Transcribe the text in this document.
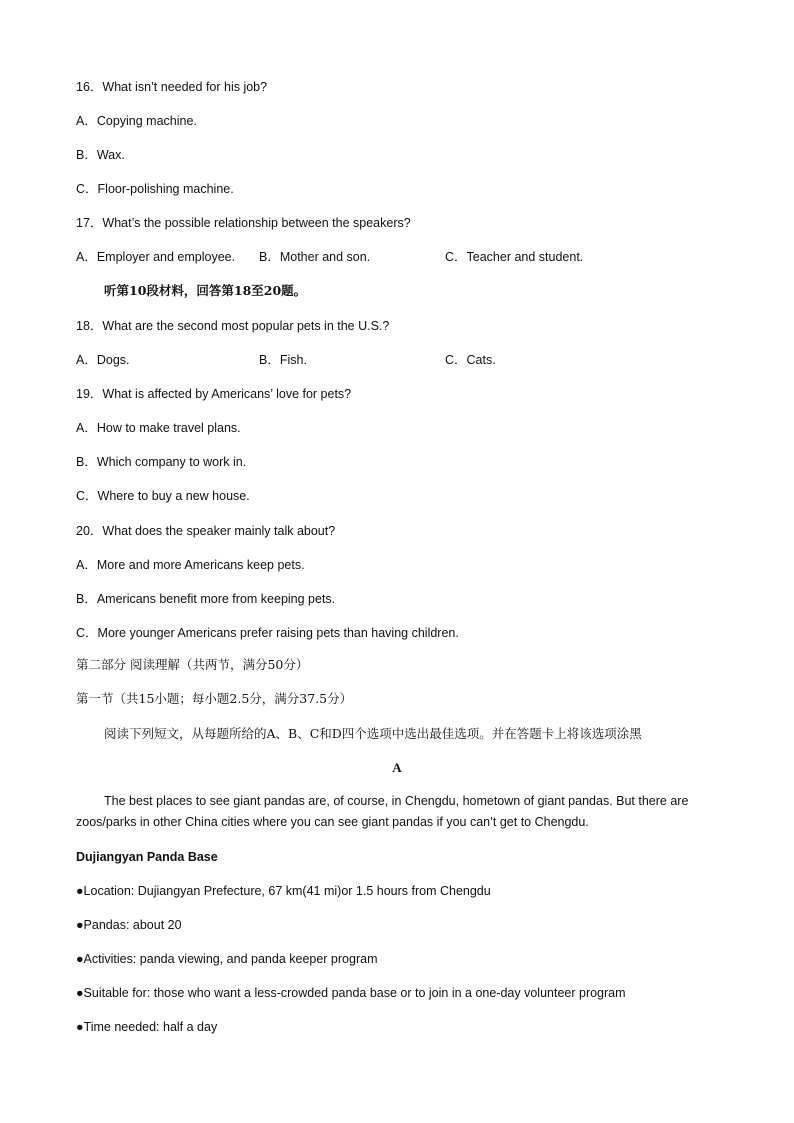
16．What isn’t needed for his job?
A．Copying machine.
B．Wax.
C．Floor-polishing machine.
17．What’s the possible relationship between the speakers?
A．Employer and employee. B．Mother and son.	C．Teacher and student.
听第10段材料，回答第18至20题。
18．What are the second most popular pets in the U.S.?
A．Dogs.	B．Fish.	C．Cats.
19．What is affected by Americans’ love for pets?
A．How to make travel plans.
B．Which company to work in.
C．Where to buy a new house.
20．What does the speaker mainly talk about?
A．More and more Americans keep pets.
B．Americans benefit more from keeping pets.
C．More younger Americans prefer raising pets than having children.
第二部分 阅读理解（共两节，满分50分）
第一节（共15小题；每小题2.5分，满分37.5分）
阅读下列短文，从每题所给的A、B、C和D四个选项中选出最佳选项。并在答题卡上将该选项涂黑
A
The best places to see giant pandas are, of course, in Chengdu, hometown of giant pandas. But there are zoos/parks in other China cities where you can see giant pandas if you can’t get to Chengdu.
Dujiangyan Panda Base
●Location: Dujiangyan Prefecture, 67 km(41 mi)or 1.5 hours from Chengdu
●Pandas: about 20
●Activities: panda viewing, and panda keeper program
●Suitable for: those who want a less-crowded panda base or to join in a one-day volunteer program
●Time needed: half a day
